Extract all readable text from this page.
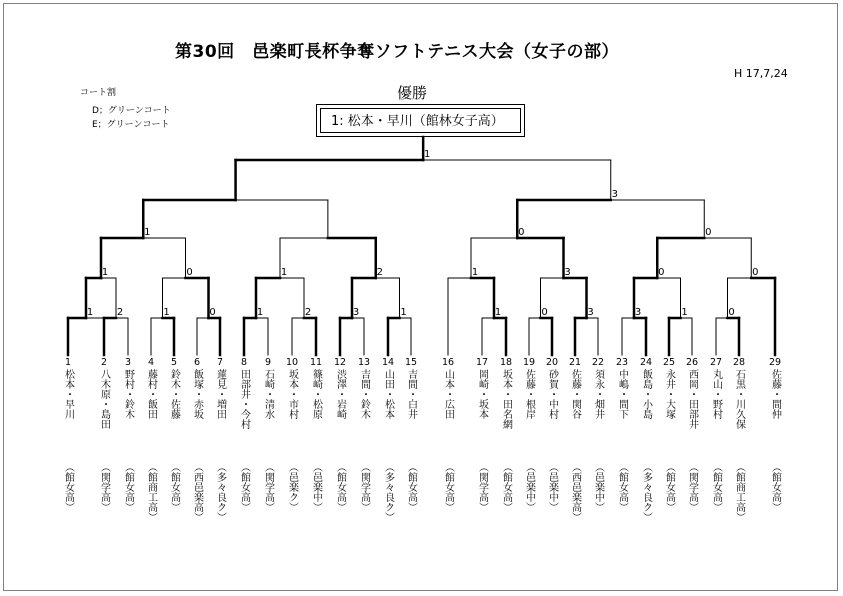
第30回　邑楽町長杯争奪ソフトテニス大会（女子の部）
H 17,7,24
コート割
D；グリーンコート
E；グリーンコート
優勝
1: 松本・早川（館林女子高）
1 2	1	0	1	2	3	1	1	0	3	3	1	0
1	0	1	2	1	3	0	0
1	0	0
3
1
1
松本・早川
（館女高）
2
八木原・島田
（関学高）
3
野村・鈴木
（館女高）
4
藤村・飯田
（館商工高）
5
鈴木・佐藤
（館女高）
6
飯塚・赤坂
（西邑楽高）
7
蓮見・増田
（多々良ク）
8
田部井・今村
（館女高）
9
石崎・清水
（関学高）
10
坂本・市村
（邑楽ク）
11
篠崎・松原
（邑楽中）
12
渋澤・岩崎
（館女高）
13
吉間・鈴木
（関学高）
14
山田・松本
（多々良ク）
15
吉間・白井
（館女高）
16
山本・広田
（館女高）
17
岡崎・坂本
（関学高）
18
坂本・田名網
（館女高）
19
佐藤・根岸
（邑楽中）
20
砂賀・中村
（邑楽中）
21
佐藤・関谷
（西邑楽高）
22
須永・畑井
（邑楽中）
23
中嶋・間下
（館女高）
24
飯島・小島
（多々良ク）
25
永井・大塚
（館女高）
26
西岡・田部井
（関学高）
27
丸山・野村
（館女高）
28
石黒・川久保
（館商工高）
29
佐藤・間仲
（館女高）
